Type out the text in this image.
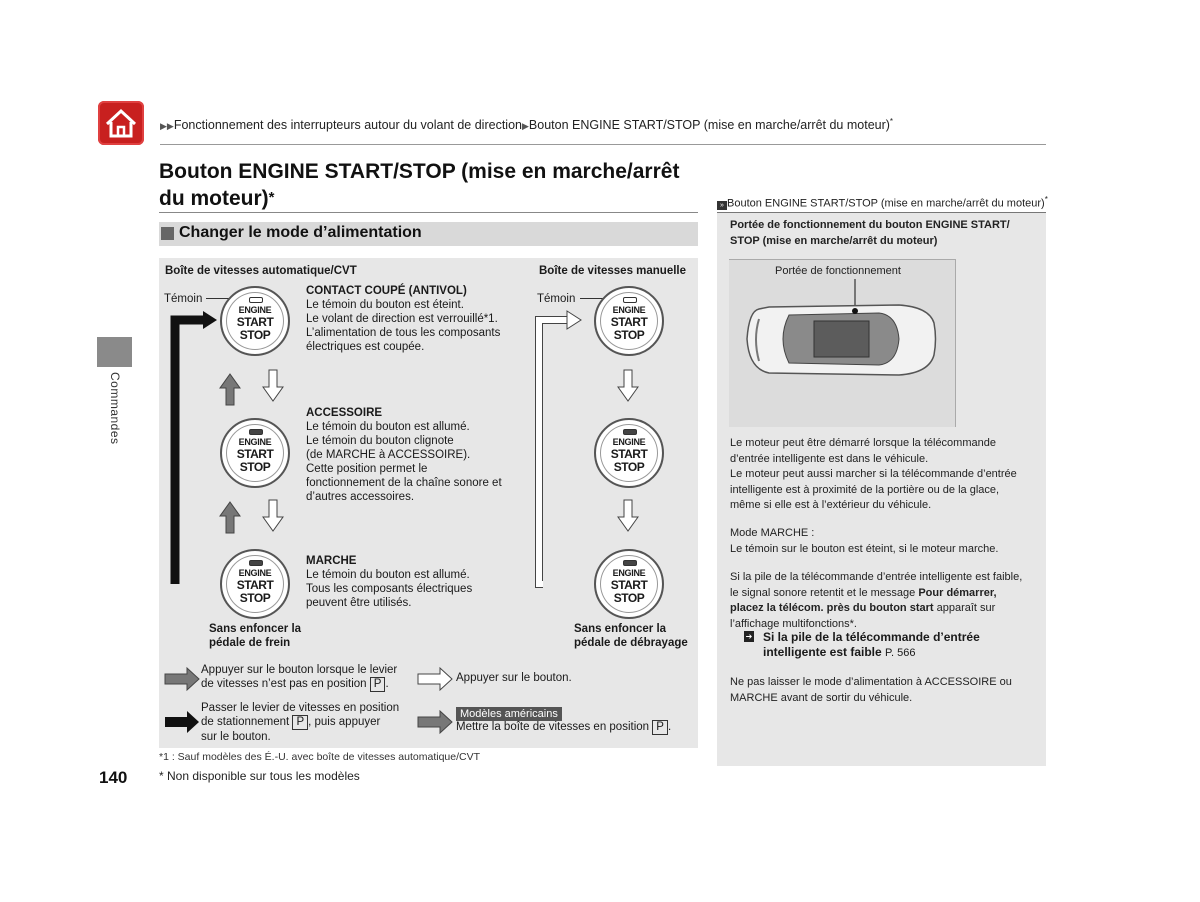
▶▶Fonctionnement des interrupteurs autour du volant de direction▶Bouton ENGINE START/STOP (mise en marche/arrêt du moteur)*
Commandes
Bouton ENGINE START/STOP (mise en marche/arrêt
du moteur)*
Changer le mode d’alimentation
Boîte de vitesses automatique/CVT	Boîte de vitesses manuelle
Témoin	Témoin
ENGINE
START
STOP
ENGINE
START
STOP
ENGINE
START
STOP
ENGINE
START
STOP
ENGINE
START
STOP
ENGINE
START
STOP
CONTACT COUPÉ (ANTIVOL)
Le témoin du bouton est éteint.
Le volant de direction est verrouillé*1.
L’alimentation de tous les composants
électriques est coupée.
ACCESSOIRE
Le témoin du bouton est allumé.
Le témoin du bouton clignote
(de MARCHE à ACCESSOIRE).
Cette position permet le
fonctionnement de la chaîne sonore et
d’autres accessoires.
MARCHE
Le témoin du bouton est allumé.
Tous les composants électriques
peuvent être utilisés.
Sans enfoncer la
pédale de frein
Sans enfoncer la
pédale de débrayage
Appuyer sur le bouton lorsque le levier
de vitesses n’est pas en position P .	Appuyer sur le bouton.
Passer le levier de vitesses en position
de stationnement P , puis appuyer
sur le bouton.
Modèles américains
Mettre la boîte de vitesses en position P .
*1 : Sauf modèles des É.-U. avec boîte de vitesses automatique/CVT
* Non disponible sur tous les modèles
140
» Bouton ENGINE START/STOP (mise en marche/arrêt du moteur)*
Portée de fonctionnement du bouton ENGINE START/
STOP (mise en marche/arrêt du moteur)
Portée de fonctionnement
Le moteur peut être démarré lorsque la télécommande
d’entrée intelligente est dans le véhicule.
Le moteur peut aussi marcher si la télécommande d’entrée
intelligente est à proximité de la portière ou de la glace,
même si elle est à l’extérieur du véhicule.
Mode MARCHE :
Le témoin sur le bouton est éteint, si le moteur marche.
Si la pile de la télécommande d’entrée intelligente est faible,
le signal sonore retentit et le message Pour démarrer,
placez la télécom. près du bouton start apparaît sur
l’affichage multifonctions*.
➔ Si la pile de la télécommande d’entrée
intelligente est faible P. 566
Ne pas laisser le mode d’alimentation à ACCESSOIRE ou
MARCHE avant de sortir du véhicule.
